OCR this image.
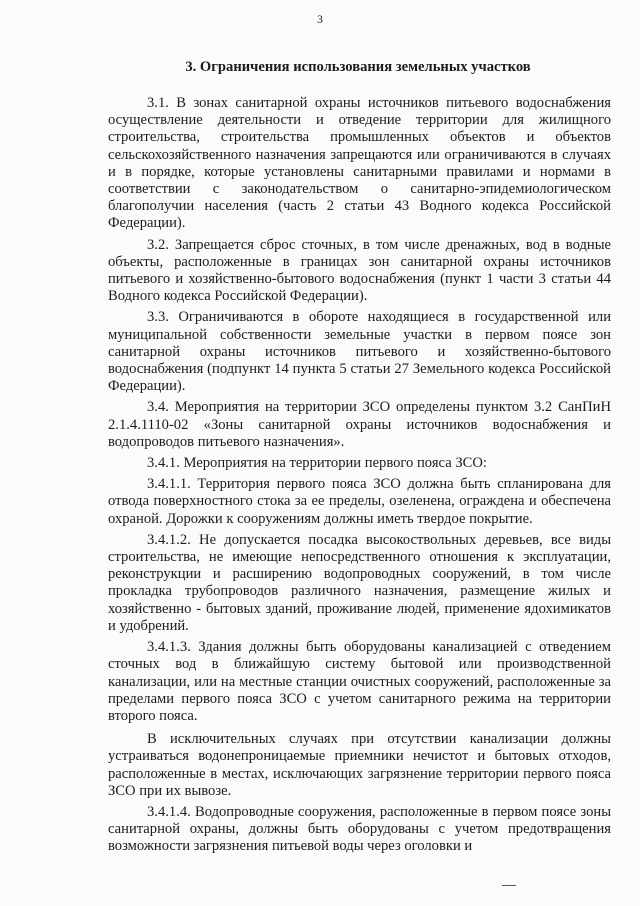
3
3. Ограничения использования земельных участков

3.1. В зонах санитарной охраны источников питьевого водоснабжения осуществление деятельности и отведение территории для жилищного строительства, строительства промышленных объектов и объектов сельскохозяйственного назначения запрещаются или ограничиваются в случаях и в порядке, которые установлены санитарными правилами и нормами в соответствии с законодательством о санитарно-эпидемиологическом благополучии населения (часть 2 статьи 43 Водного кодекса Российской Федерации).

3.2. Запрещается сброс сточных, в том числе дренажных, вод в водные объекты, расположенные в границах зон санитарной охраны источников питьевого и хозяйственно-бытового водоснабжения (пункт 1 части 3 статьи 44 Водного кодекса Российской Федерации).

3.3. Ограничиваются в обороте находящиеся в государственной или муниципальной собственности земельные участки в первом поясе зон санитарной охраны источников питьевого и хозяйственно-бытового водоснабжения (подпункт 14 пункта 5 статьи 27 Земельного кодекса Российской Федерации).

3.4. Мероприятия на территории ЗСО определены пунктом 3.2 СанПиН 2.1.4.1110-02 «Зоны санитарной охраны источников водоснабжения и водопроводов питьевого назначения».

3.4.1. Мероприятия на территории первого пояса ЗСО:

3.4.1.1. Территория первого пояса ЗСО должна быть спланирована для отвода поверхностного стока за ее пределы, озеленена, ограждена и обеспечена охраной. Дорожки к сооружениям должны иметь твердое покрытие.

3.4.1.2. Не допускается посадка высокоствольных деревьев, все виды строительства, не имеющие непосредственного отношения к эксплуатации, реконструкции и расширению водопроводных сооружений, в том числе прокладка трубопроводов различного назначения, размещение жилых и хозяйственно - бытовых зданий, проживание людей, применение ядохимикатов и удобрений.

3.4.1.3. Здания должны быть оборудованы канализацией с отведением сточных вод в ближайшую систему бытовой или производственной канализации, или на местные станции очистных сооружений, расположенные за пределами первого пояса ЗСО с учетом санитарного режима на территории второго пояса.

В исключительных случаях при отсутствии канализации должны устраиваться водонепроницаемые приемники нечистот и бытовых отходов, расположенные в местах, исключающих загрязнение территории первого пояса ЗСО при их вывозе.

3.4.1.4. Водопроводные сооружения, расположенные в первом поясе зоны санитарной охраны, должны быть оборудованы с учетом предотвращения возможности загрязнения питьевой воды через оголовки и
